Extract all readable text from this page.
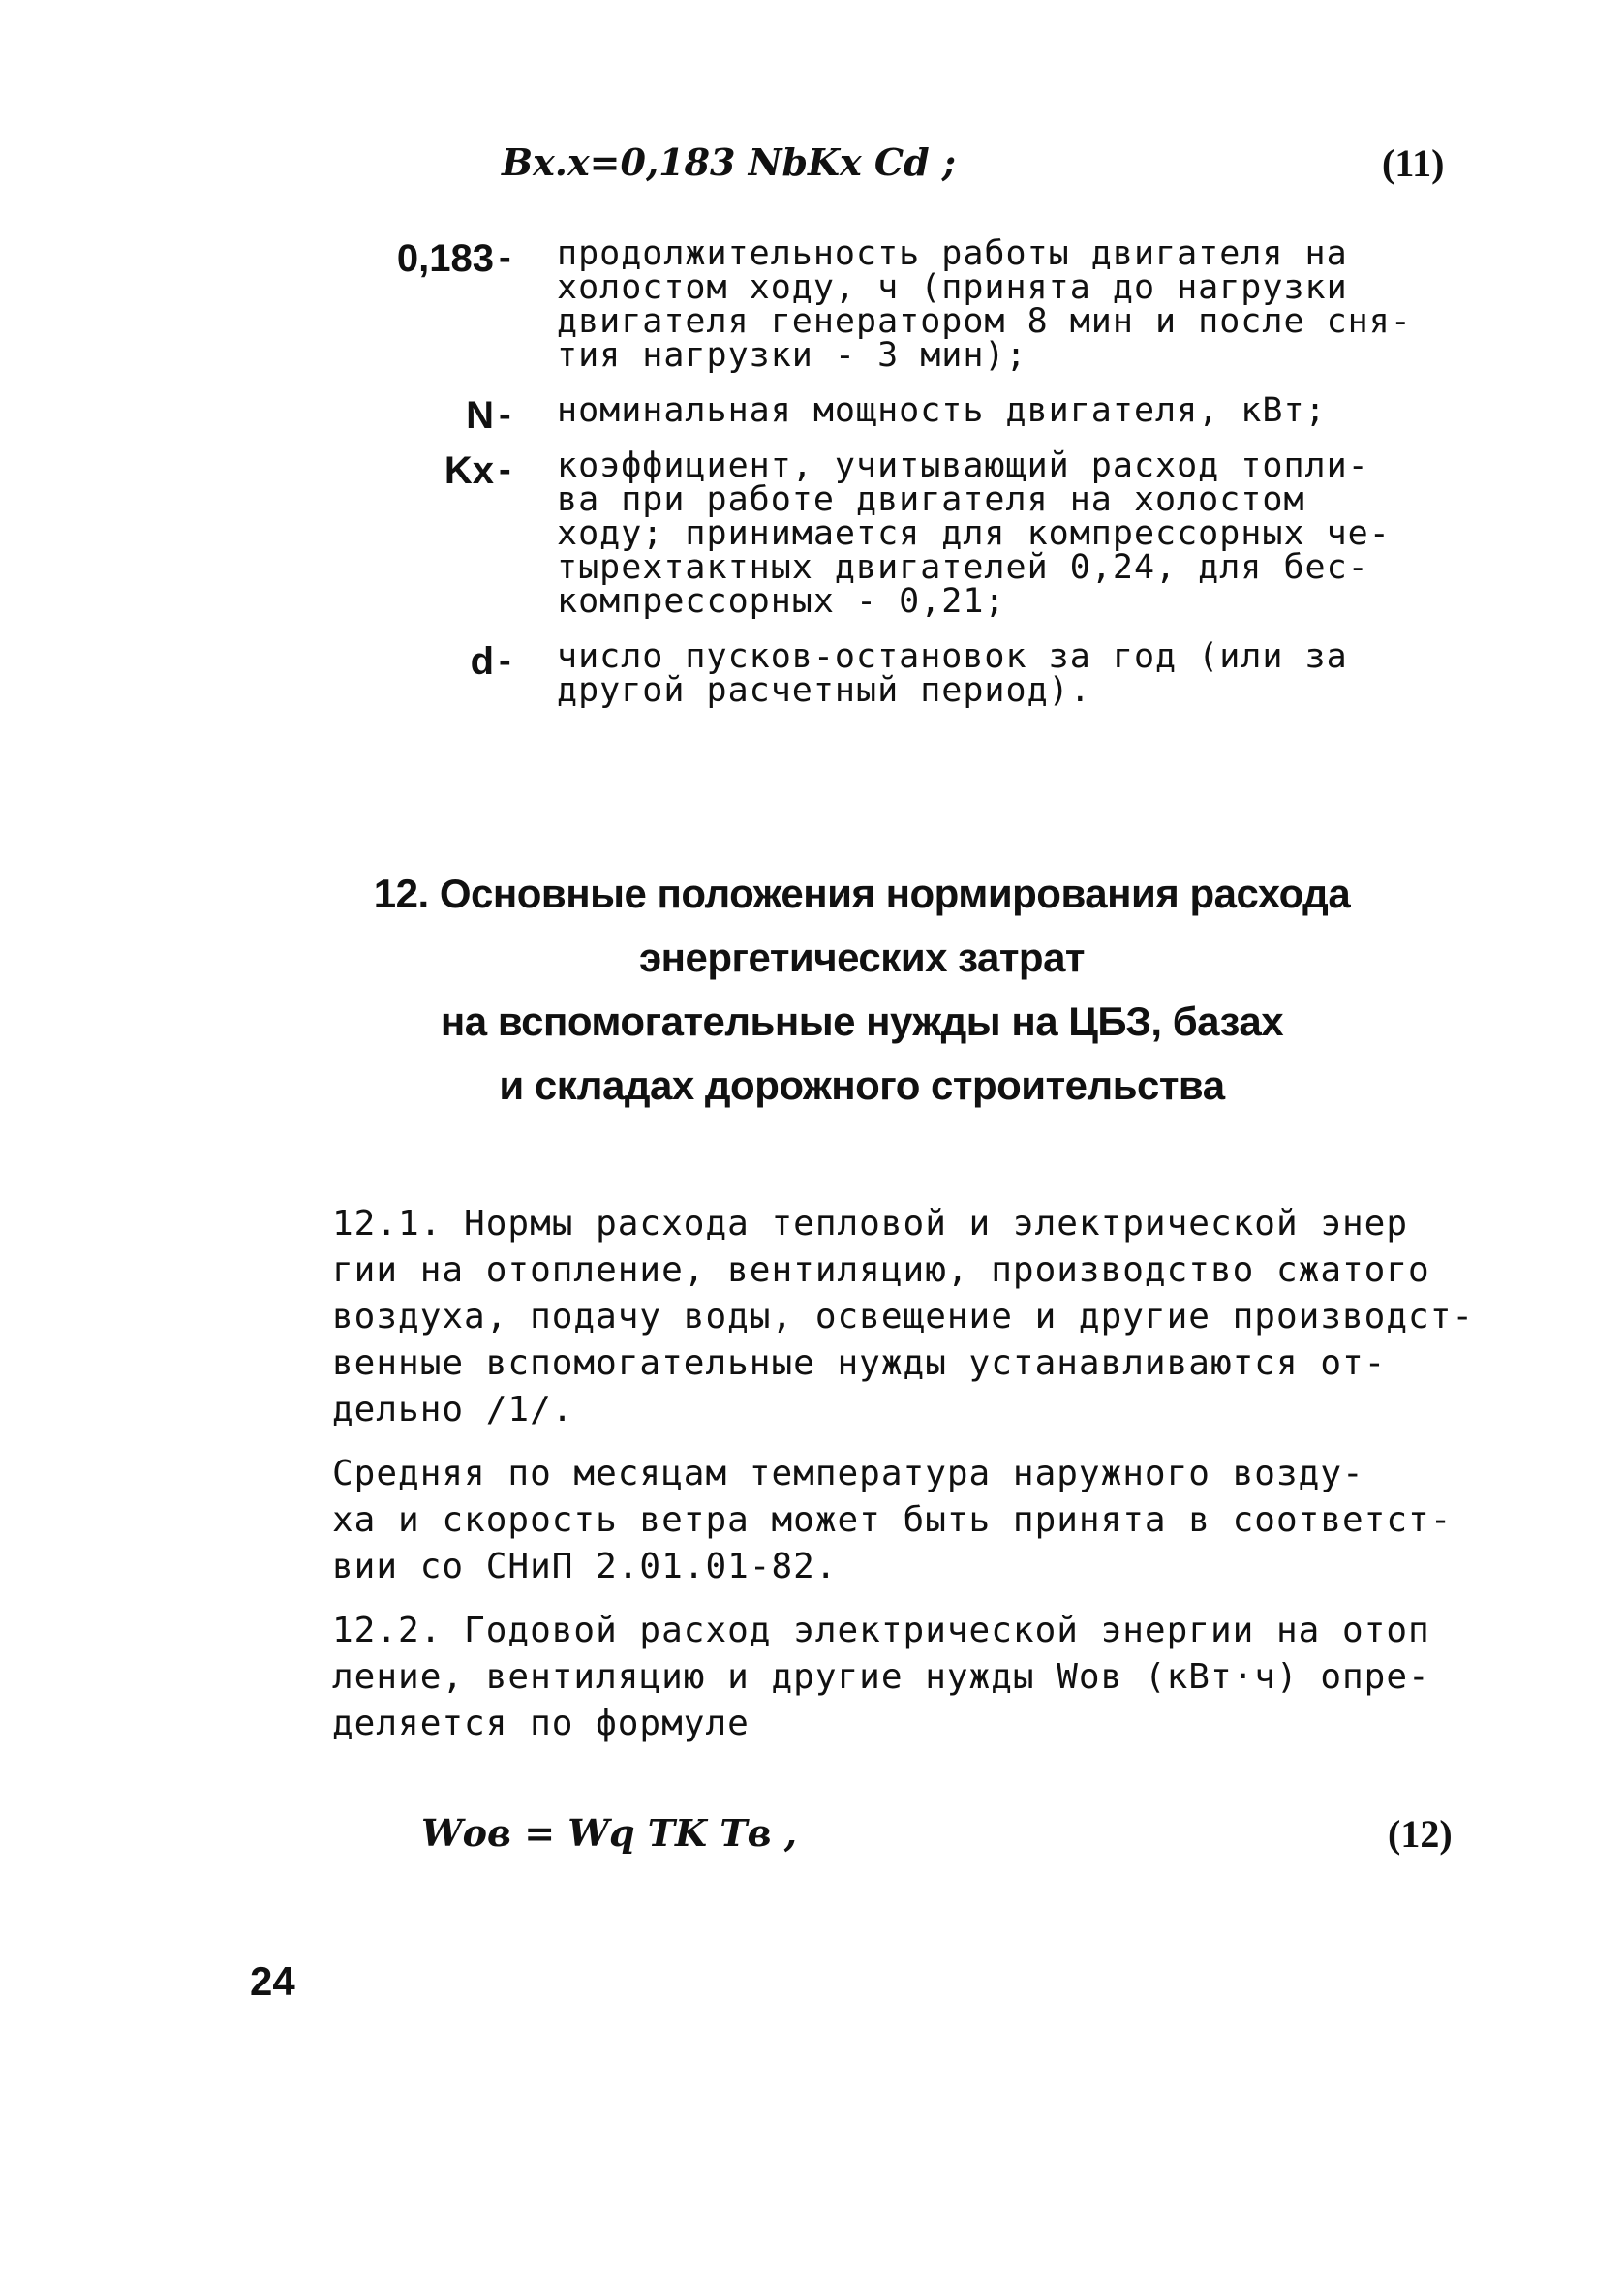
Bх.х=0,183 NbKх Cd ;	(11)
0,183 - продолжительность работы двигателя на
холостом ходу, ч (принята до нагрузки
двигателя генератором 8 мин и после сня-
тия нагрузки - 3 мин);
N - номинальная мощность двигателя, кВт;
Kх - коэффициент, учитывающий расход топли-
ва при работе двигателя на холостом
ходу; принимается для компрессорных че-
тырехтактных двигателей 0,24, для бес-
компрессорных - 0,21;
d - число пусков-остановок за год (или за
другой расчетный период).
12. Основные положения нормирования расхода
энергетических затрат
на вспомогательные нужды на ЦБЗ, базах
и складах дорожного строительства

12.1. Нормы расхода тепловой и электрической энер
гии на отопление, вентиляцию, производство сжатого
воздуха, подачу воды, освещение и другие производст-
венные вспомогательные нужды устанавливаются от-
дельно /1/.

Средняя по месяцам температура наружного возду-
ха и скорость ветра может быть принята в соответст-
вии со СНиП 2.01.01-82.

12.2. Годовой расход электрической энергии на отоп
ление, вентиляцию и другие нужды Wов (кВт·ч) опре-
деляется по формуле

Wов = Wq TK Tв ,	(12)
24
